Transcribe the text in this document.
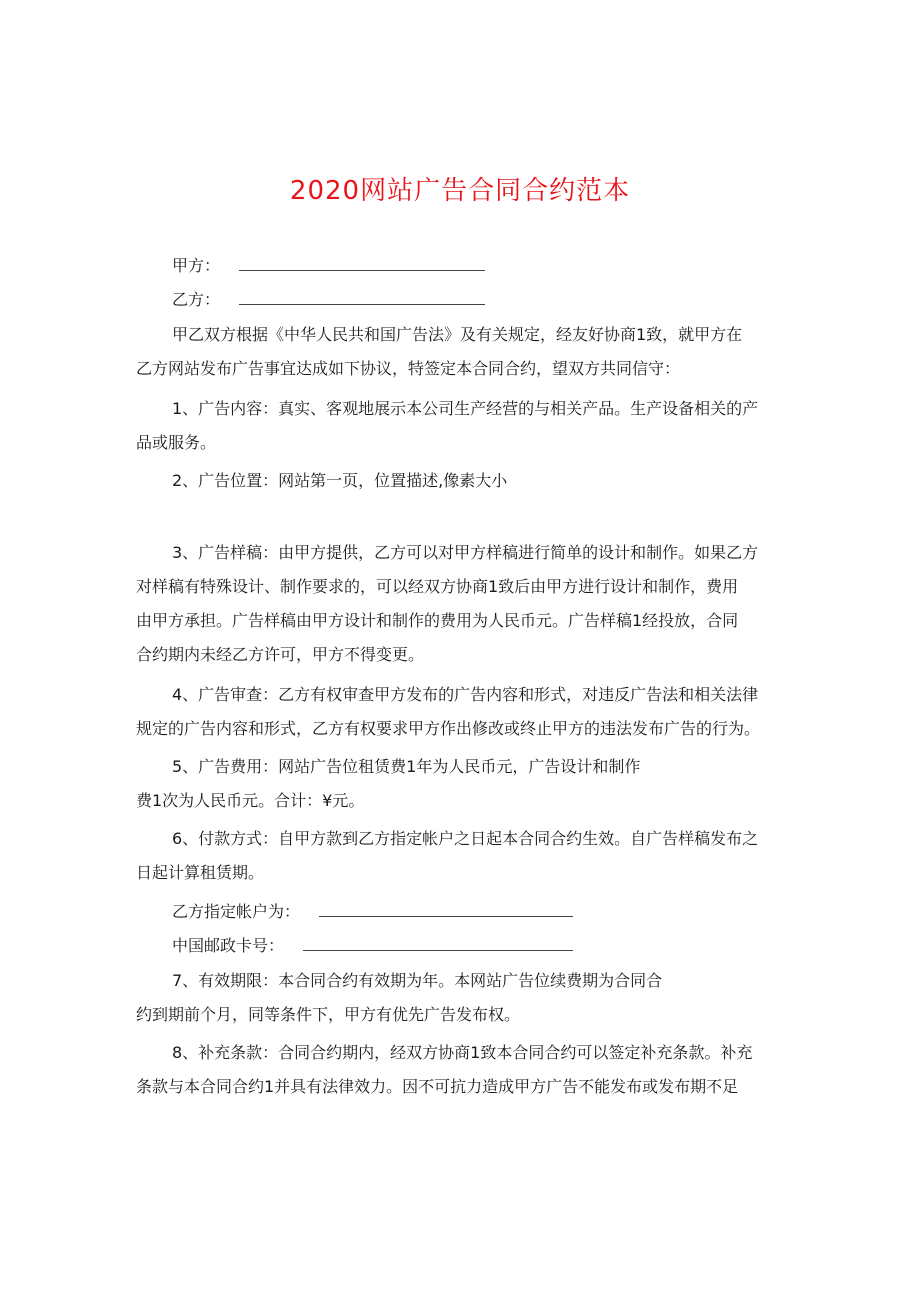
2020网站广告合同合约范本
甲方：
乙方：
甲乙双方根据《中华人民共和国广告法》及有关规定，经友好协商1致，就甲方在
乙方网站发布广告事宜达成如下协议，特签定本合同合约，望双方共同信守：
1、广告内容：真实、客观地展示本公司生产经营的与相关产品。生产设备相关的产
品或服务。
2、广告位置：网站第一页，位置描述,像素大小
3、广告样稿：由甲方提供，乙方可以对甲方样稿进行简单的设计和制作。如果乙方
对样稿有特殊设计、制作要求的，可以经双方协商1致后由甲方进行设计和制作，费用
由甲方承担。广告样稿由甲方设计和制作的费用为人民币元。广告样稿1经投放，合同
合约期内未经乙方许可，甲方不得变更。
4、广告审查：乙方有权审查甲方发布的广告内容和形式，对违反广告法和相关法律
规定的广告内容和形式，乙方有权要求甲方作出修改或终止甲方的违法发布广告的行为。
5、广告费用：网站广告位租赁费1年为人民币元，广告设计和制作
费1次为人民币元。合计：¥元。
6、付款方式：自甲方款到乙方指定帐户之日起本合同合约生效。自广告样稿发布之
日起计算租赁期。
乙方指定帐户为：
中国邮政卡号：
7、有效期限：本合同合约有效期为年。本网站广告位续费期为合同合
约到期前个月，同等条件下，甲方有优先广告发布权。
8、补充条款：合同合约期内，经双方协商1致本合同合约可以签定补充条款。补充
条款与本合同合约1并具有法律效力。因不可抗力造成甲方广告不能发布或发布期不足
